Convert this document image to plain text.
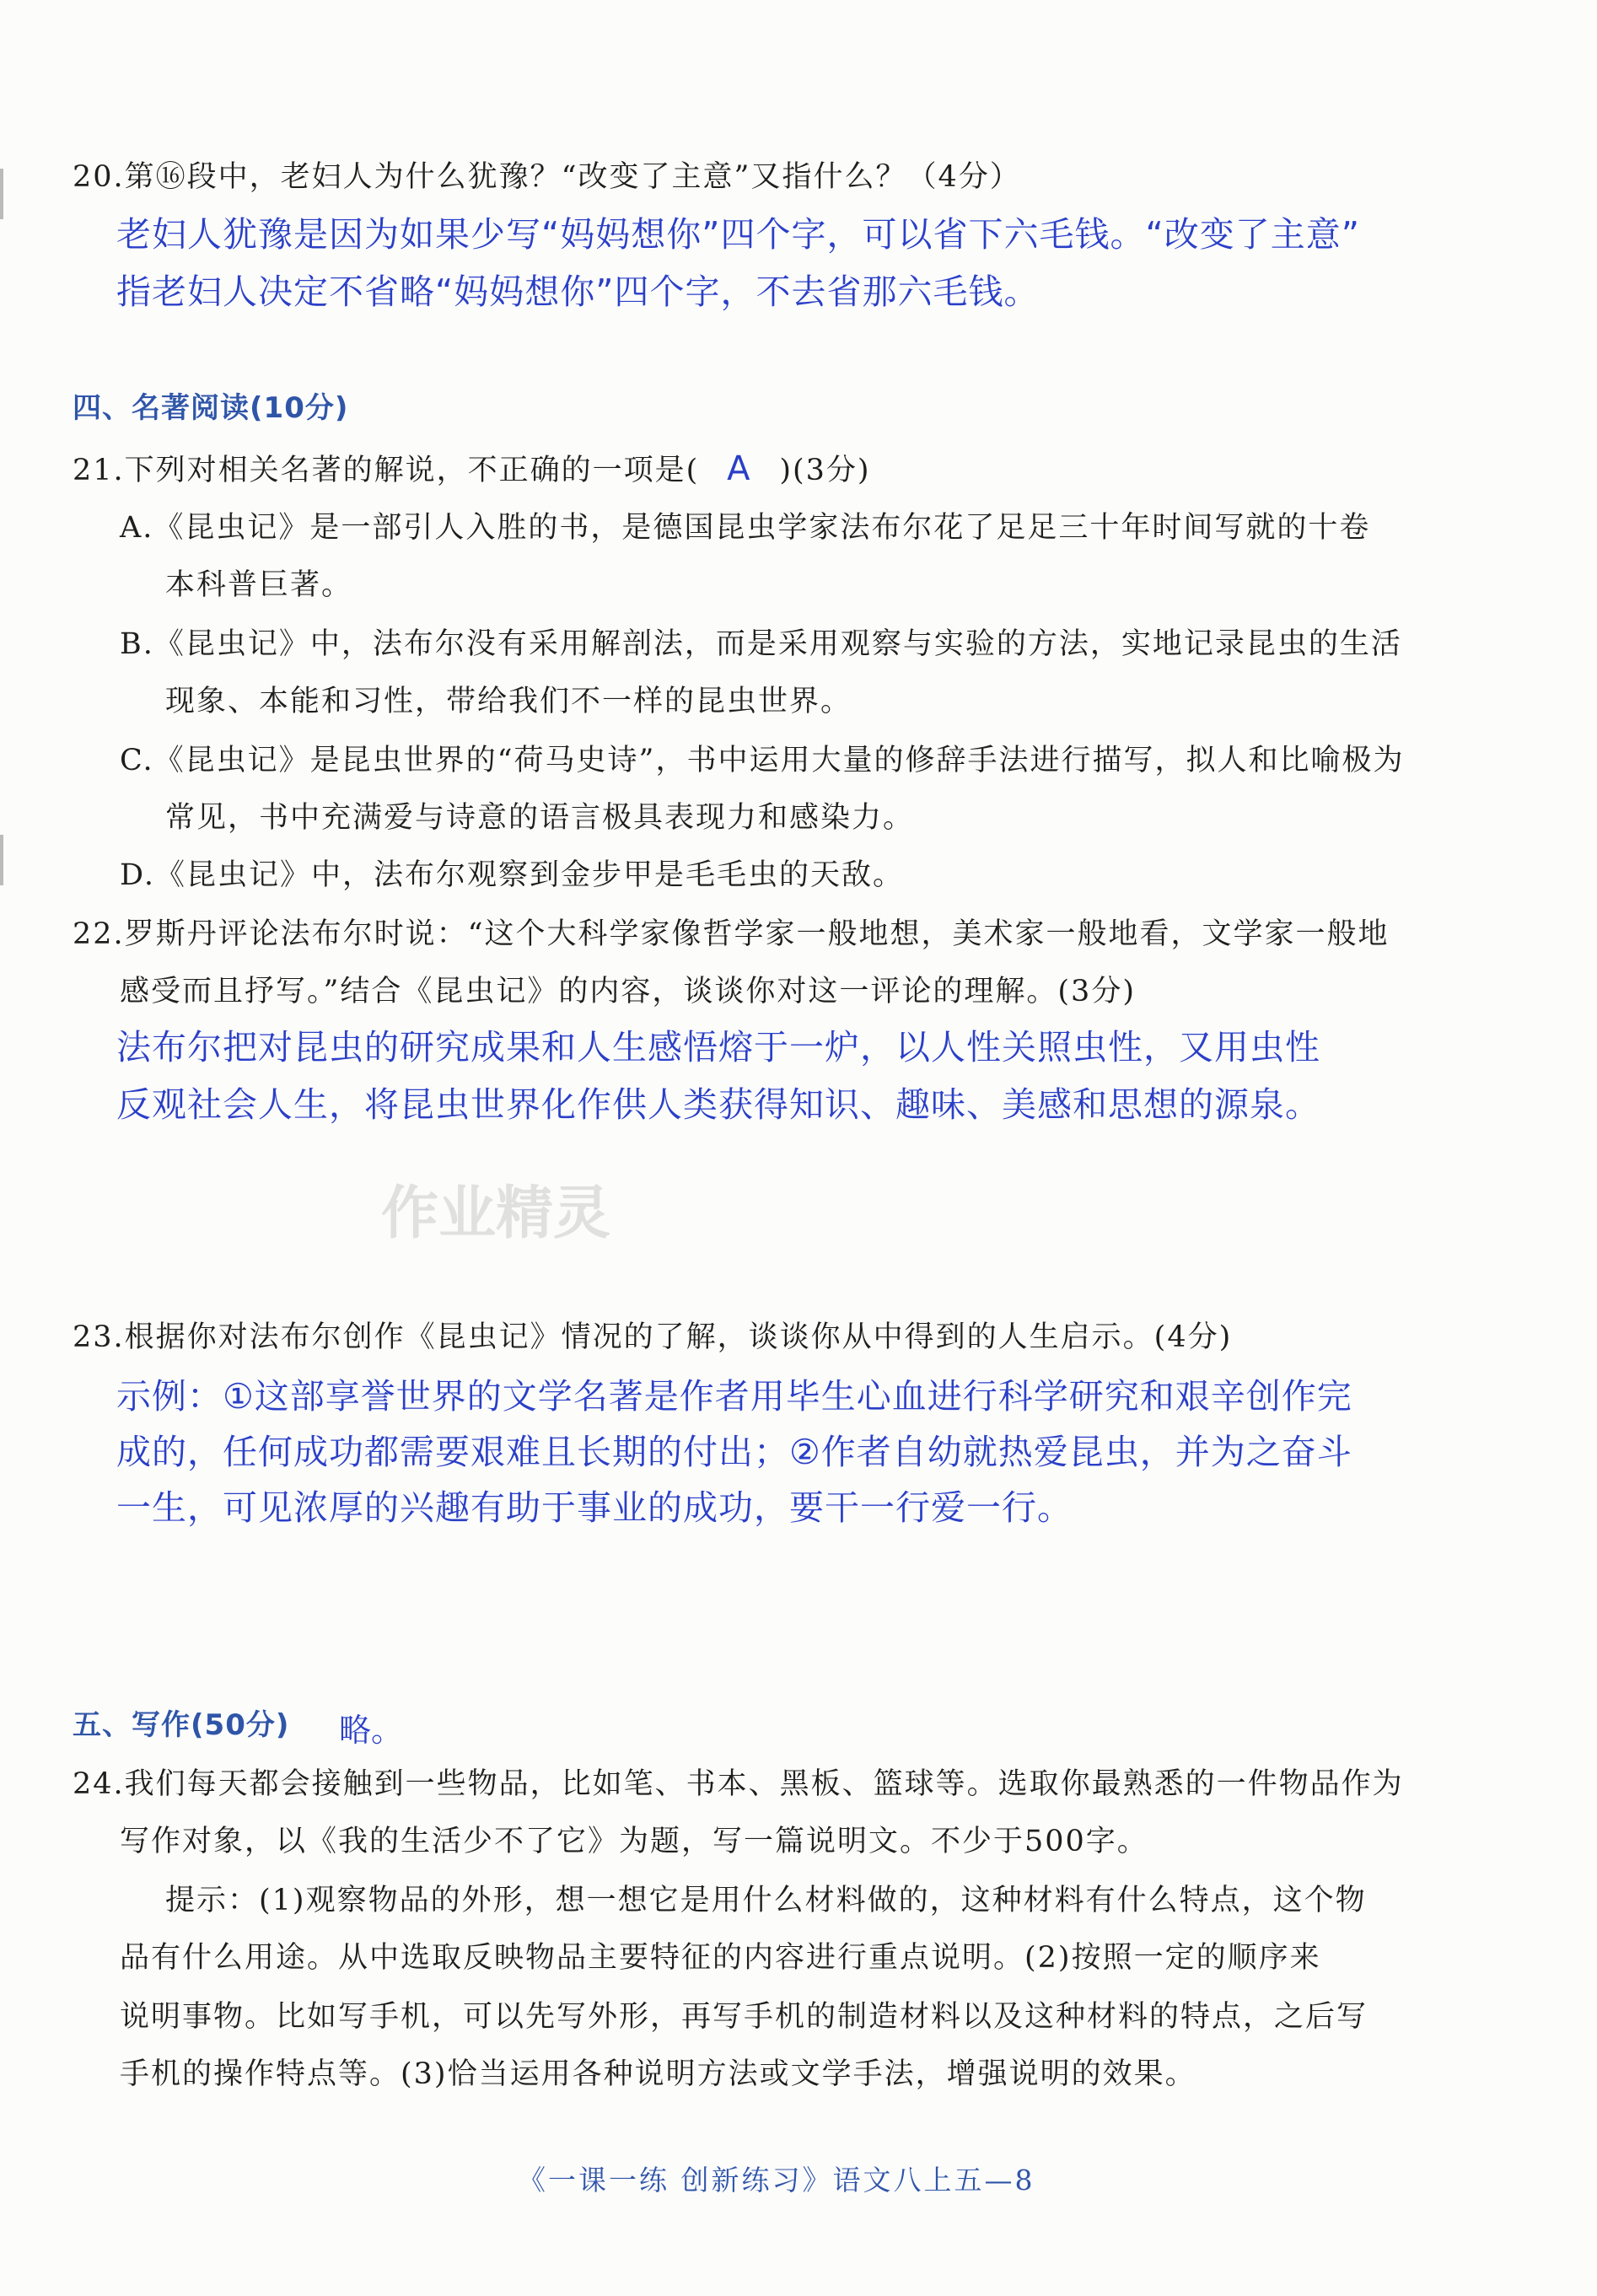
20.第⑯段中，老妇人为什么犹豫？“改变了主意”又指什么？（4分）
老妇人犹豫是因为如果少写“妈妈想你”四个字，可以省下六毛钱。“改变了主意”
指老妇人决定不省略“妈妈想你”四个字，不去省那六毛钱。
四、名著阅读(10分)
21.下列对相关名著的解说，不正确的一项是( A )(3分)
A.《昆虫记》是一部引人入胜的书，是德国昆虫学家法布尔花了足足三十年时间写就的十卷
本科普巨著。
B.《昆虫记》中，法布尔没有采用解剖法，而是采用观察与实验的方法，实地记录昆虫的生活
现象、本能和习性，带给我们不一样的昆虫世界。
C.《昆虫记》是昆虫世界的“荷马史诗”，书中运用大量的修辞手法进行描写，拟人和比喻极为
常见，书中充满爱与诗意的语言极具表现力和感染力。
D.《昆虫记》中，法布尔观察到金步甲是毛毛虫的天敌。
22.罗斯丹评论法布尔时说：“这个大科学家像哲学家一般地想，美术家一般地看，文学家一般地
感受而且抒写。”结合《昆虫记》的内容，谈谈你对这一评论的理解。(3分)
法布尔把对昆虫的研究成果和人生感悟熔于一炉，以人性关照虫性，又用虫性
反观社会人生，将昆虫世界化作供人类获得知识、趣味、美感和思想的源泉。
作业精灵
23.根据你对法布尔创作《昆虫记》情况的了解，谈谈你从中得到的人生启示。(4分)
示例：①这部享誉世界的文学名著是作者用毕生心血进行科学研究和艰辛创作完
成的，任何成功都需要艰难且长期的付出；②作者自幼就热爱昆虫，并为之奋斗
一生，可见浓厚的兴趣有助于事业的成功，要干一行爱一行。
五、写作(50分) 略。
24.我们每天都会接触到一些物品，比如笔、书本、黑板、篮球等。选取你最熟悉的一件物品作为
写作对象，以《我的生活少不了它》为题，写一篇说明文。不少于500字。
提示：(1)观察物品的外形，想一想它是用什么材料做的，这种材料有什么特点，这个物
品有什么用途。从中选取反映物品主要特征的内容进行重点说明。(2)按照一定的顺序来
说明事物。比如写手机，可以先写外形，再写手机的制造材料以及这种材料的特点，之后写
手机的操作特点等。(3)恰当运用各种说明方法或文学手法，增强说明的效果。
《一课一练 创新练习》语文八上五—8
